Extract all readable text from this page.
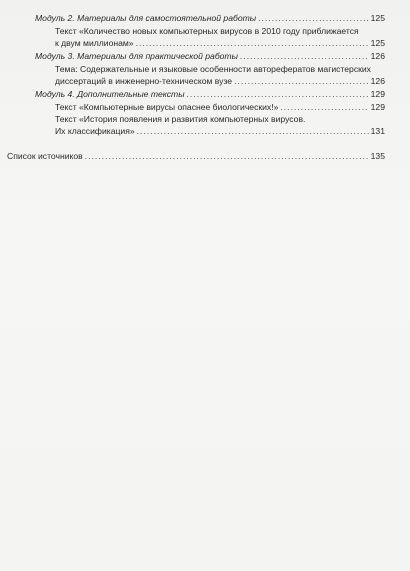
Модуль 2. Материалы для самостоятельной работы .....	125
Текст «Количество новых компьютерных вирусов в 2010 году приближается
к двум миллионам» .....	125
Модуль 3. Материалы для практической работы .....	126
Тема: Содержательные и языковые особенности авторефератов магистерских
диссертаций в инженерно-техническом вузе .....	126
Модуль 4. Дополнительные тексты .....	129
Текст «Компьютерные вирусы опаснее биологических!» .....	129
Текст «История появления и развития компьютерных вирусов.
Их классификация» .....	131
Список источников .....	135
